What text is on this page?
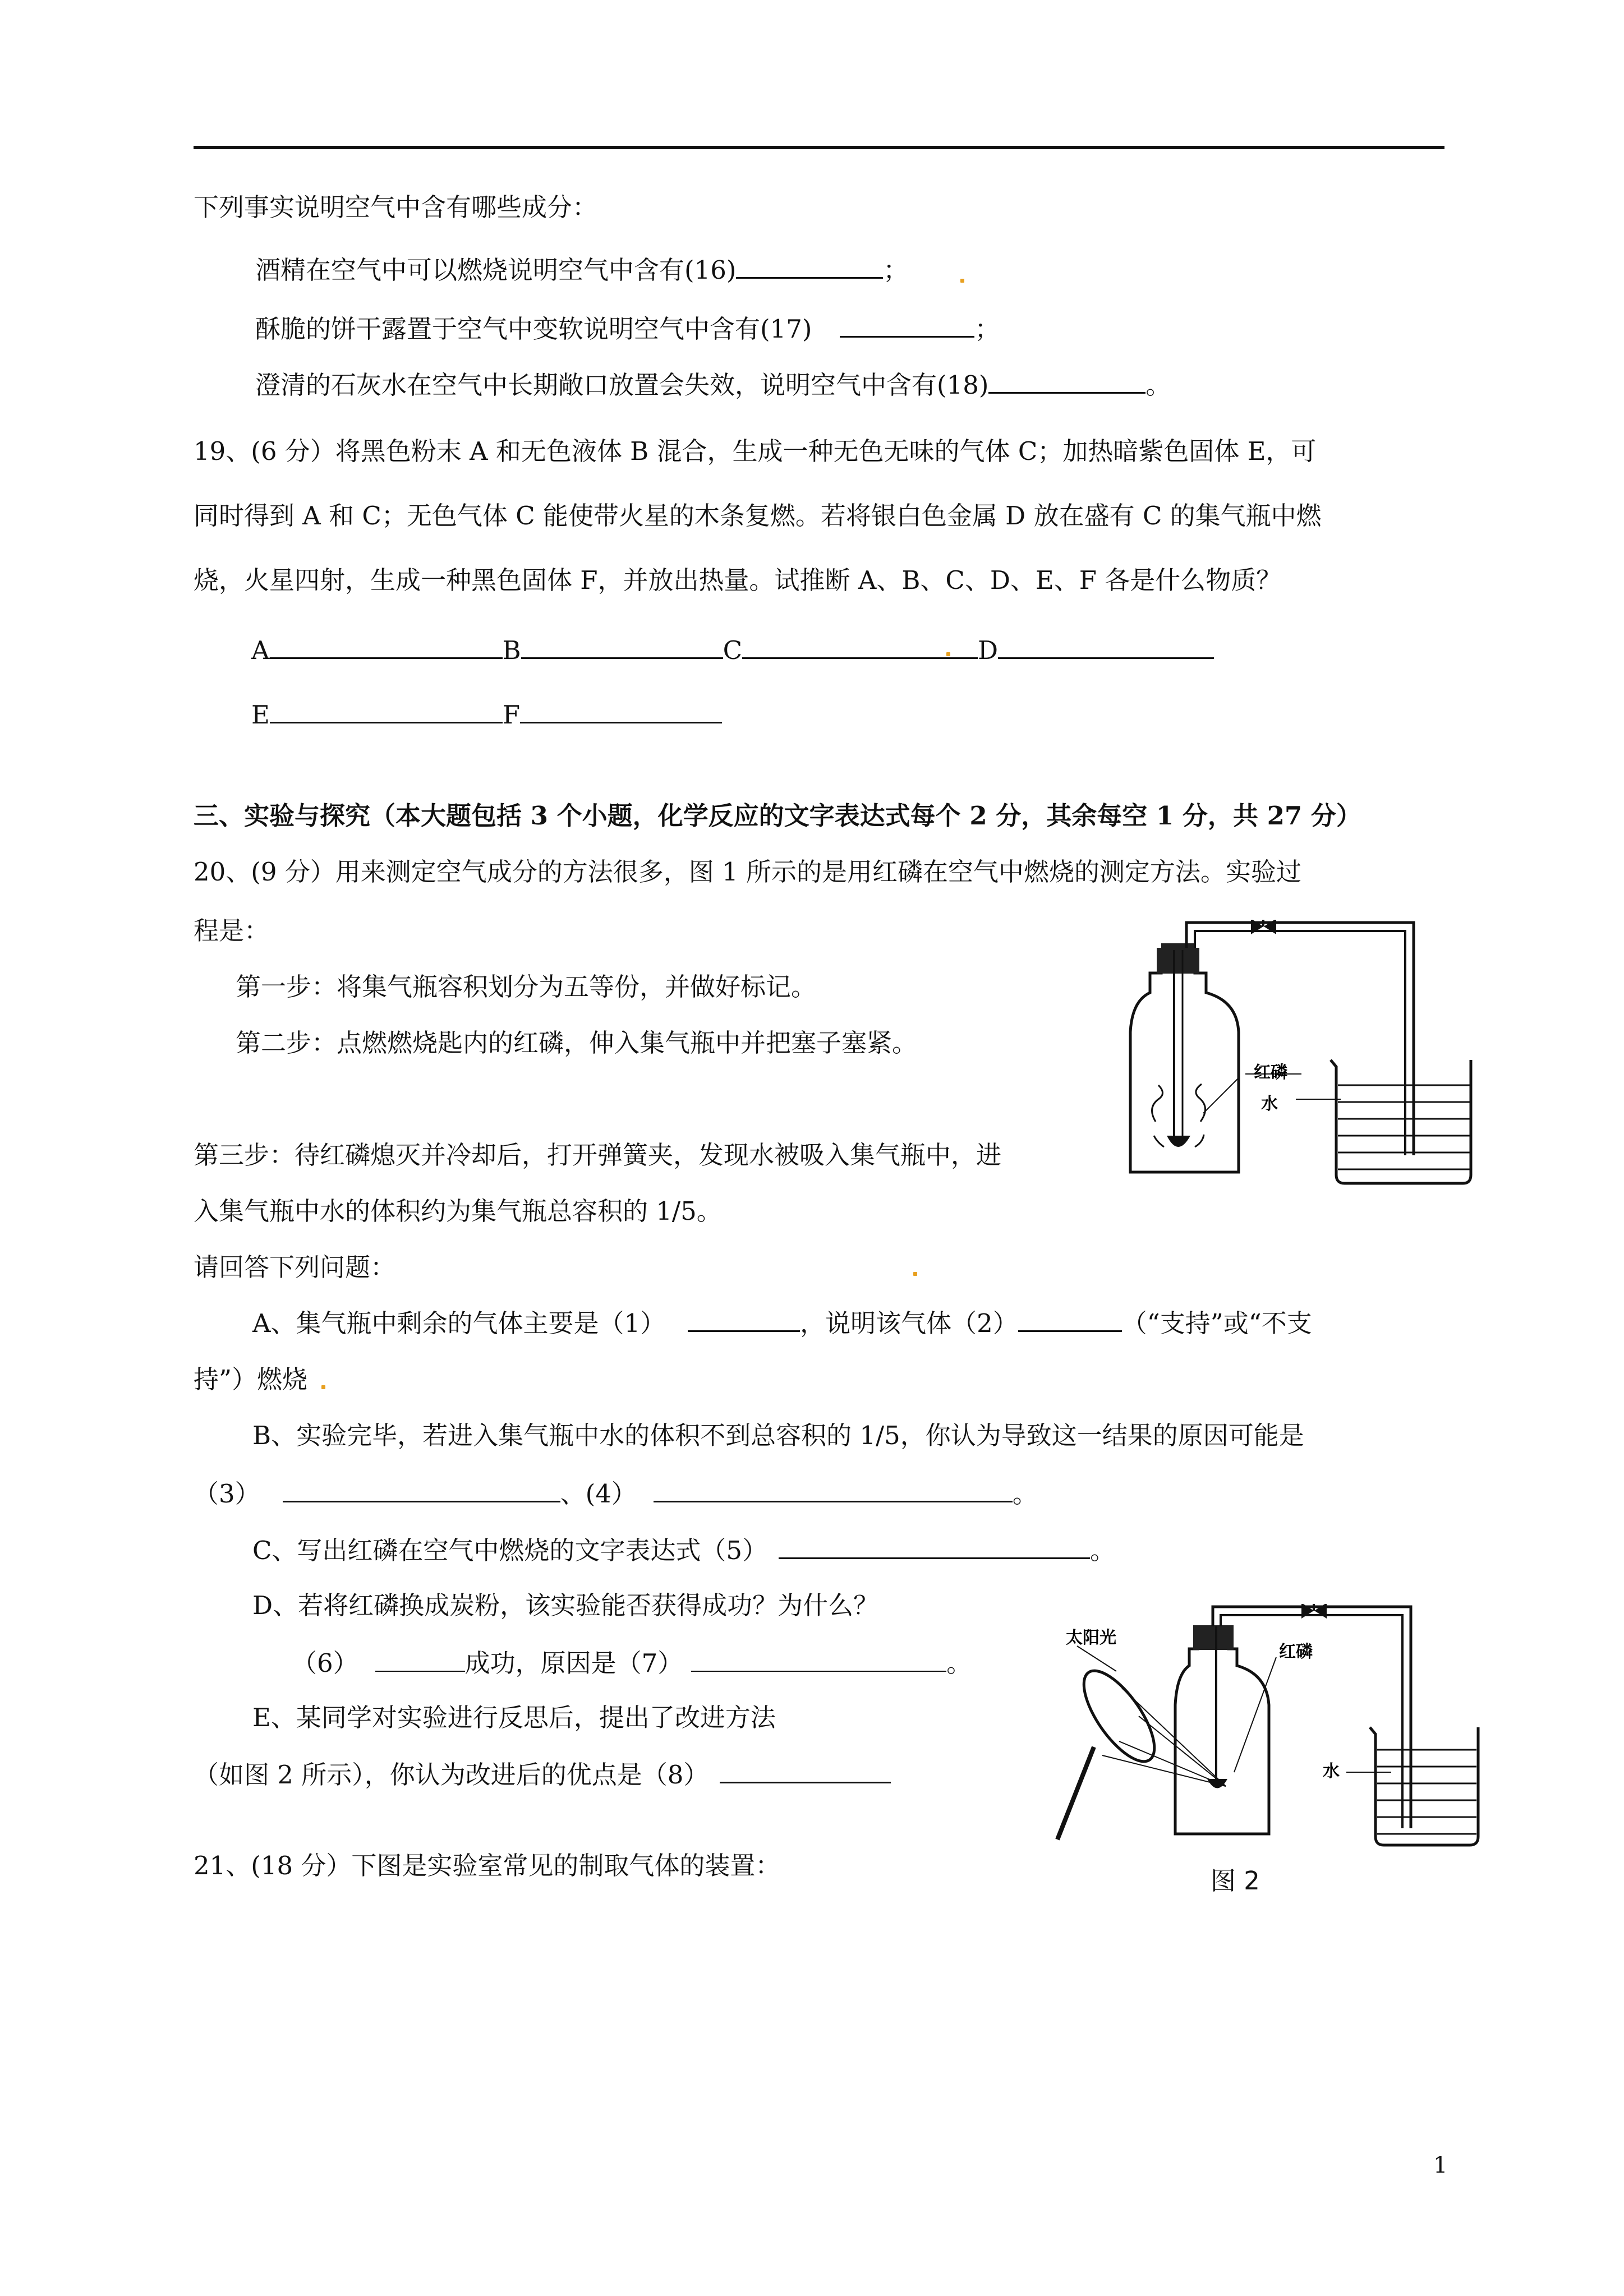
下列事实说明空气中含有哪些成分：
酒精在空气中可以燃烧说明空气中含有(16)	；
酥脆的饼干露置于空气中变软说明空气中含有(17)	；
澄清的石灰水在空气中长期敞口放置会失效，说明空气中含有(18)	。
19、(6 分）将黑色粉末 A 和无色液体 B 混合，生成一种无色无味的气体 C；加热暗紫色固体 E，可
同时得到 A 和 C；无色气体 C 能使带火星的木条复燃。若将银白色金属 D 放在盛有 C 的集气瓶中燃
烧，火星四射，生成一种黑色固体 F，并放出热量。试推断 A、B、C、D、E、F 各是什么物质？
A	B	C	D
E	F
三、实验与探究（本大题包括 3 个小题，化学反应的文字表达式每个 2 分，其余每空 1 分，共 27 分）
20、(9 分）用来测定空气成分的方法很多，图 1 所示的是用红磷在空气中燃烧的测定方法。实验过
程是：
第一步：将集气瓶容积划分为五等份，并做好标记。
第二步：点燃燃烧匙内的红磷，伸入集气瓶中并把塞子塞紧。
第三步：待红磷熄灭并冷却后，打开弹簧夹，发现水被吸入集气瓶中，进
入集气瓶中水的体积约为集气瓶总容积的 1/5。
请回答下列问题：
A、集气瓶中剩余的气体主要是（1）	，说明该气体（2）	（“支持”或“不支
持”）燃烧
B、实验完毕，若进入集气瓶中水的体积不到总容积的 1/5，你认为导致这一结果的原因可能是
（3）	、(4）	。
C、写出红磷在空气中燃烧的文字表达式（5）	。
D、若将红磷换成炭粉，该实验能否获得成功？为什么？
（6）	成功，原因是（7）	。
E、某同学对实验进行反思后，提出了改进方法
（如图 2 所示），你认为改进后的优点是（8）
21、(18 分）下图是实验室常见的制取气体的装置：
红磷
水
太阳光
红磷
水
图 2
1
